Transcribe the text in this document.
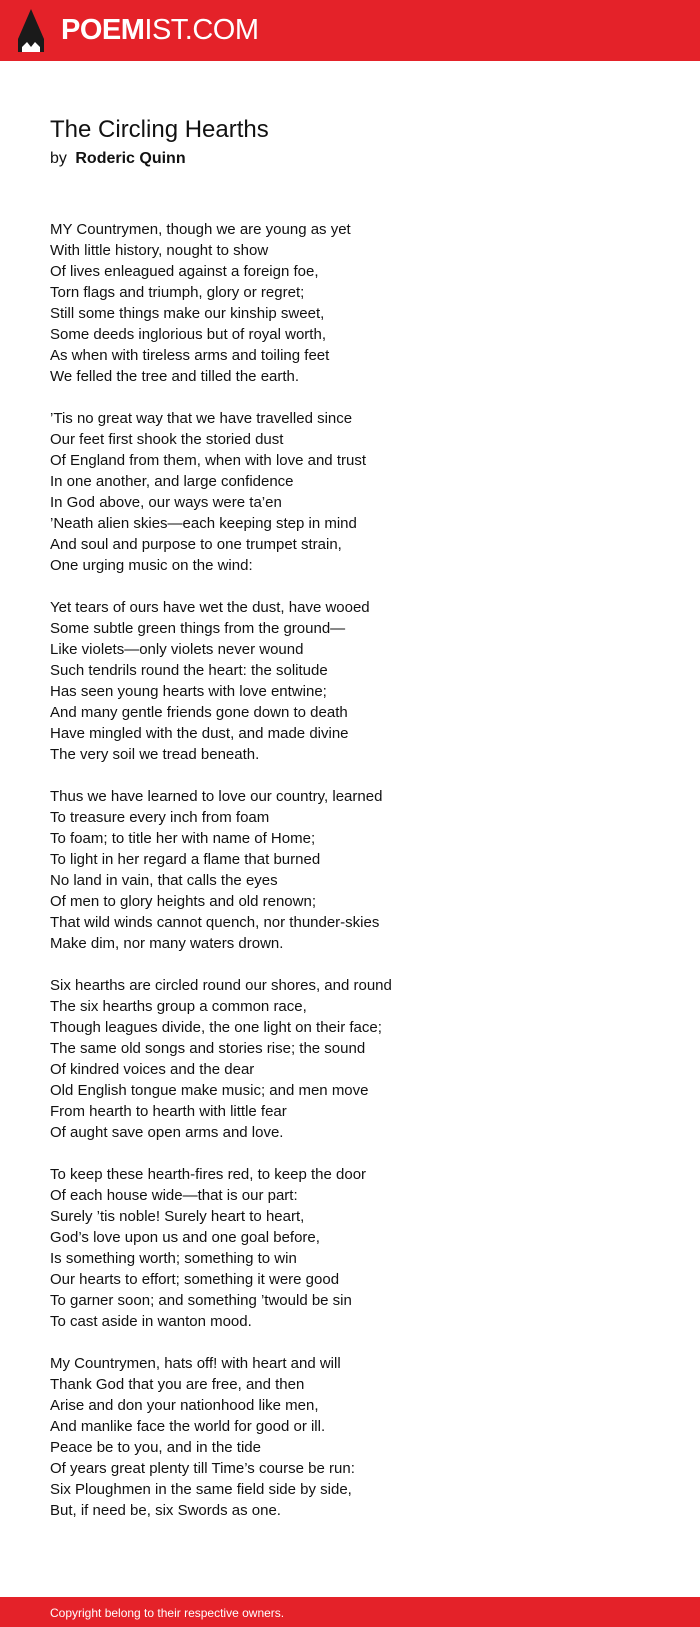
POEMIST.COM
The Circling Hearths
by Roderic Quinn
MY Countrymen, though we are young as yet
With little history, nought to show
Of lives enleagued against a foreign foe,
Torn flags and triumph, glory or regret;
Still some things make our kinship sweet,
Some deeds inglorious but of royal worth,
As when with tireless arms and toiling feet
We felled the tree and tilled the earth.
’Tis no great way that we have travelled since
Our feet first shook the storied dust
Of England from them, when with love and trust
In one another, and large confidence
In God above, our ways were ta’en
’Neath alien skies—each keeping step in mind
And soul and purpose to one trumpet strain,
One urging music on the wind:
Yet tears of ours have wet the dust, have wooed
Some subtle green things from the ground—
Like violets—only violets never wound
Such tendrils round the heart: the solitude
Has seen young hearts with love entwine;
And many gentle friends gone down to death
Have mingled with the dust, and made divine
The very soil we tread beneath.
Thus we have learned to love our country, learned
To treasure every inch from foam
To foam; to title her with name of Home;
To light in her regard a flame that burned
No land in vain, that calls the eyes
Of men to glory heights and old renown;
That wild winds cannot quench, nor thunder-skies
Make dim, nor many waters drown.
Six hearths are circled round our shores, and round
The six hearths group a common race,
Though leagues divide, the one light on their face;
The same old songs and stories rise; the sound
Of kindred voices and the dear
Old English tongue make music; and men move
From hearth to hearth with little fear
Of aught save open arms and love.
To keep these hearth-fires red, to keep the door
Of each house wide—that is our part:
Surely ’tis noble! Surely heart to heart,
God’s love upon us and one goal before,
Is something worth; something to win
Our hearts to effort; something it were good
To garner soon; and something ’twould be sin
To cast aside in wanton mood.
My Countrymen, hats off! with heart and will
Thank God that you are free, and then
Arise and don your nationhood like men,
And manlike face the world for good or ill.
Peace be to you, and in the tide
Of years great plenty till Time’s course be run:
Six Ploughmen in the same field side by side,
But, if need be, six Swords as one.
Copyright belong to their respective owners.
